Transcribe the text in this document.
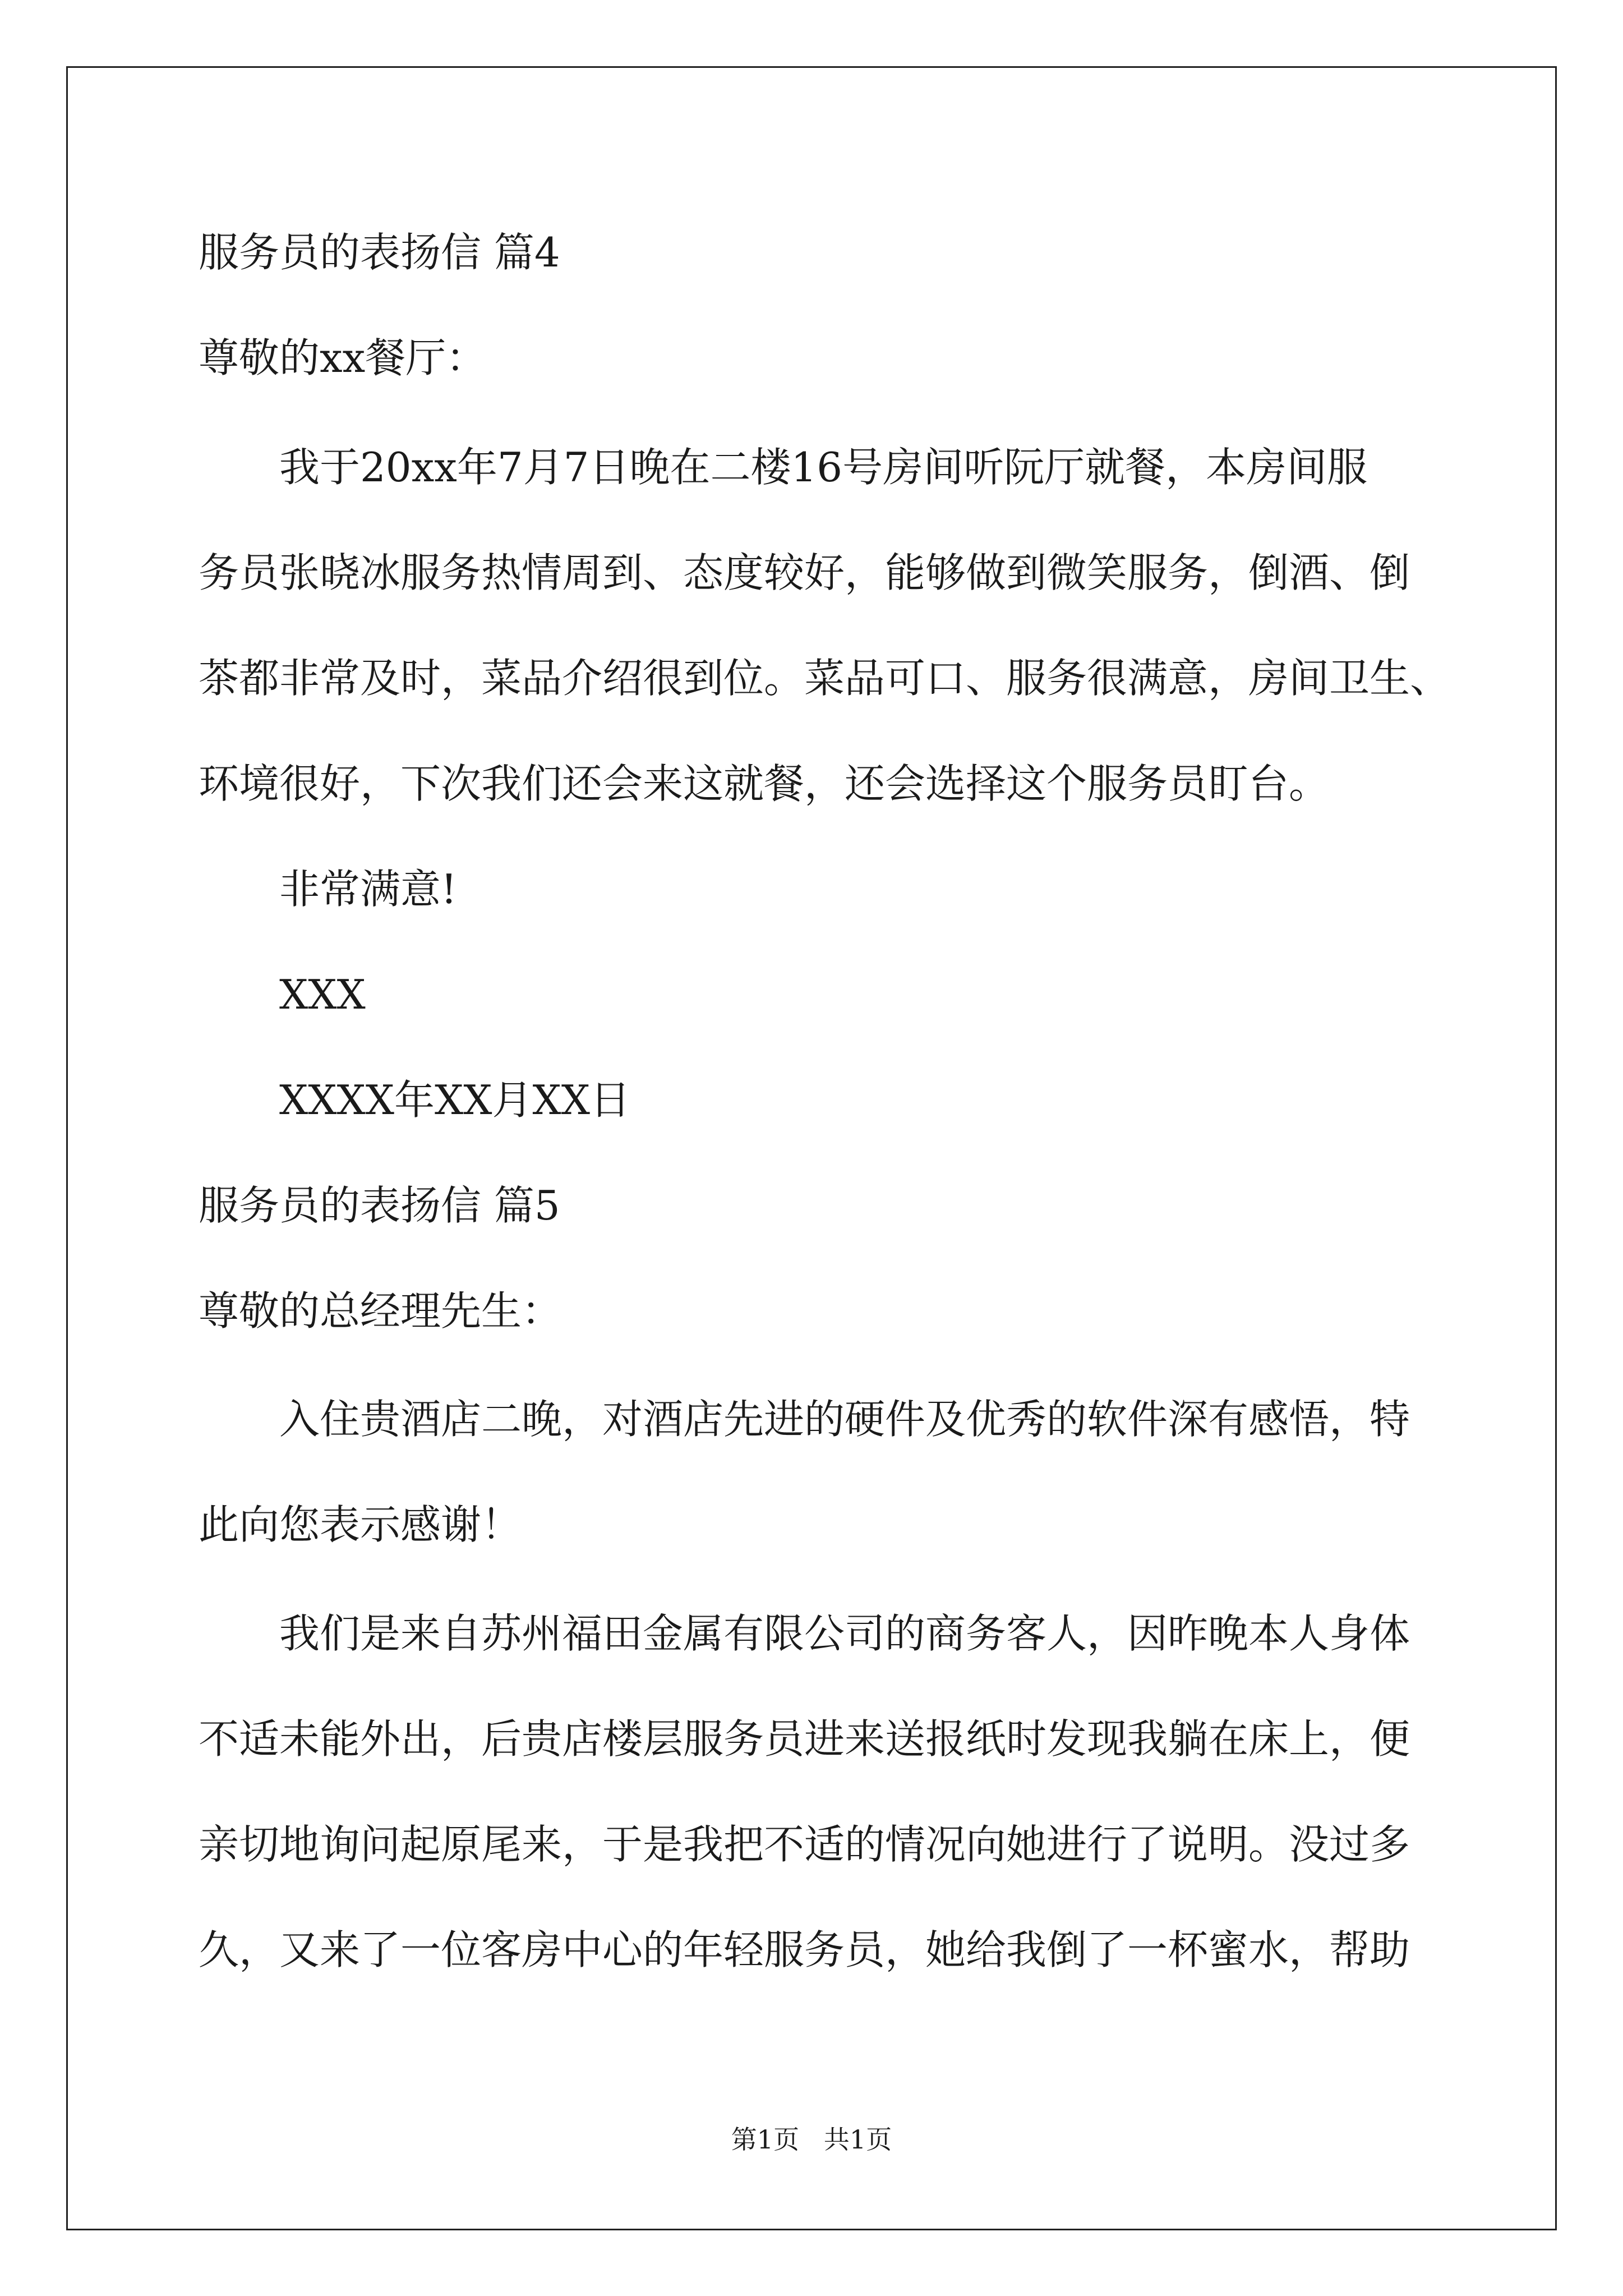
服务员的表扬信 篇4
尊敬的xx餐厅：
我于20xx年7月7日晚在二楼16号房间听阮厅就餐，本房间服
务员张晓冰服务热情周到、态度较好，能够做到微笑服务，倒酒、倒
茶都非常及时，菜品介绍很到位。菜品可口、服务很满意，房间卫生、
环境很好，下次我们还会来这就餐，还会选择这个服务员盯台。
非常满意!
XXX
XXXX年XX月XX日
服务员的表扬信 篇5
尊敬的总经理先生：
入住贵酒店二晚，对酒店先进的硬件及优秀的软件深有感悟，特
此向您表示感谢！
我们是来自苏州福田金属有限公司的商务客人，因昨晚本人身体
不适未能外出，后贵店楼层服务员进来送报纸时发现我躺在床上，便
亲切地询问起原尾来，于是我把不适的情况向她进行了说明。没过多
久，又来了一位客房中心的年轻服务员，她给我倒了一杯蜜水，帮助
第1页   共1页
